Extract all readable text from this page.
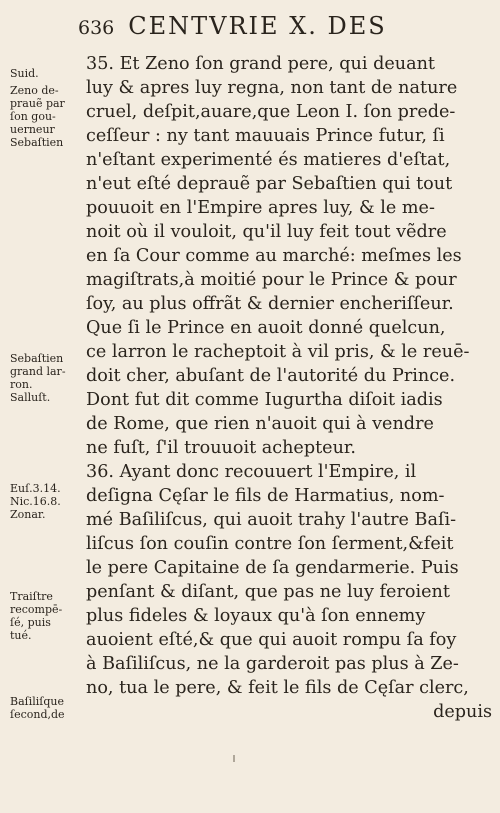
636 CENTVRIE X. DES
Suid.
Zeno de-
prauẽ par
ſon gou-
uerneur
Sebaſtien
Sebaſtien
grand lar-
ron.
Salluſt.
Euſ.3.14.
Nic.16.8.
Zonar.
Traiſtre
recompē-
ſé, puis
tué.
Baſiliſque
ſecond,de
35. Et Zeno ſon grand pere, qui deuant
luy & apres luy regna, non tant de nature
cruel, deſpit,auare,que Leon I. ſon prede-
ceſſeur : ny tant mauuais Prince futur, ſi
n'eſtant experimenté és matieres d'eſtat,
n'eut eſté deprauẽ par Sebaſtien qui tout
pouuoit en l'Empire apres luy, & le me-
noit où il vouloit, qu'il luy feit tout vẽdre
en ſa Cour comme au marché: meſmes les
magiſtrats,à moitié pour le Prince & pour
ſoy, au plus offrãt & dernier encheriſſeur.
Que ſi le Prince en auoit donné quelcun,
ce larron le racheptoit à vil pris, & le reuē-
doit cher, abuſant de l'autorité du Prince.
Dont fut dit comme Iugurtha diſoit iadis
de Rome, que rien n'auoit qui à vendre
ne fuſt, ſ'il trouuoit achepteur.
36. Ayant donc recouuert l'Empire, il
deſigna Cęſar le fils de Harmatius, nom-
mé Baſiliſcus, qui auoit trahy l'autre Baſi-
liſcus ſon couſin contre ſon ſerment,&feit
le pere Capitaine de ſa gendarmerie. Puis
penſant & diſant, que pas ne luy feroient
plus fideles & loyaux qu'à ſon ennemy
auoient eſté,& que qui auoit rompu ſa foy
à Baſiliſcus, ne la garderoit pas plus à Ze-
no, tua le pere, & feit le fils de Cęſar clerc,
depuis
